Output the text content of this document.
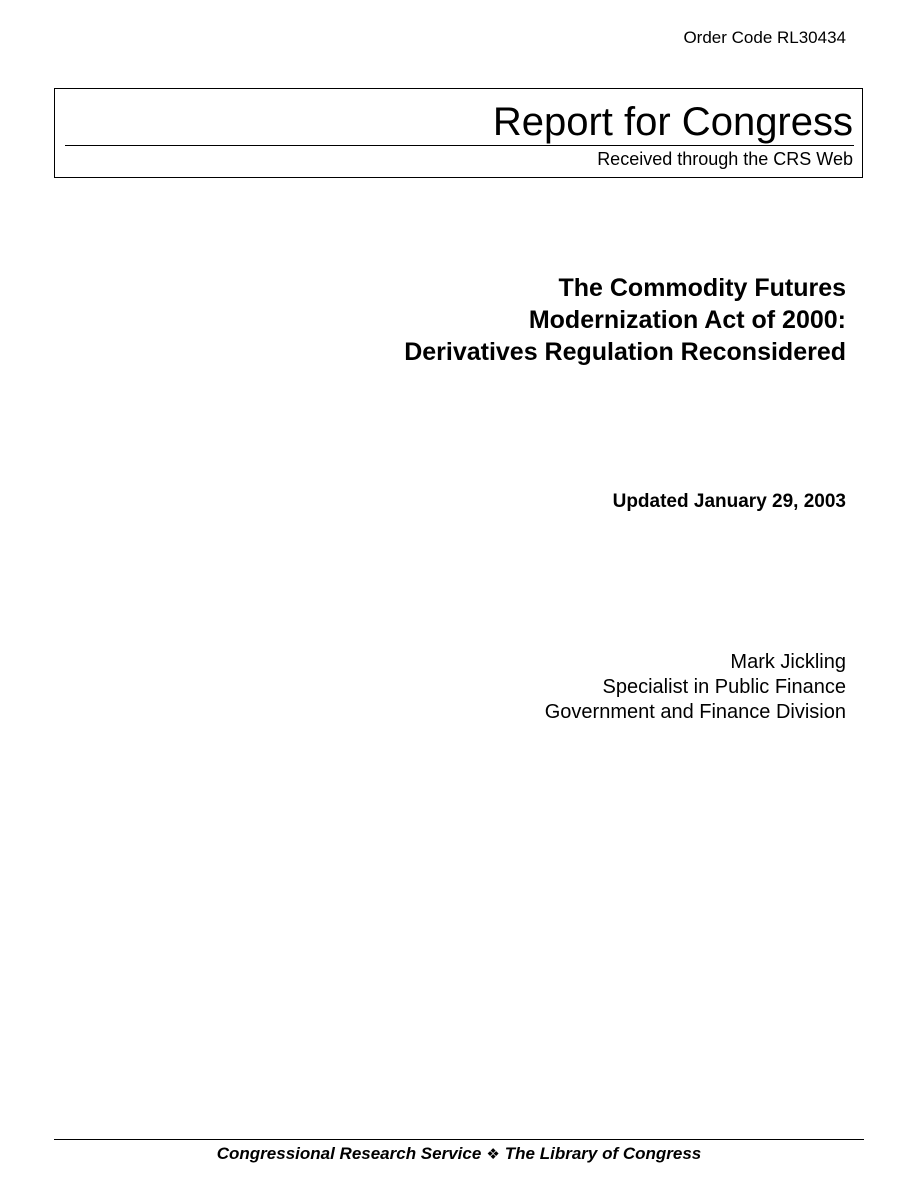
Order Code RL30434
Report for Congress
Received through the CRS Web
The Commodity Futures
Modernization Act of 2000:
Derivatives Regulation Reconsidered
Updated January 29, 2003
Mark Jickling
Specialist in Public Finance
Government and Finance Division
Congressional Research Service ❖ The Library of Congress
